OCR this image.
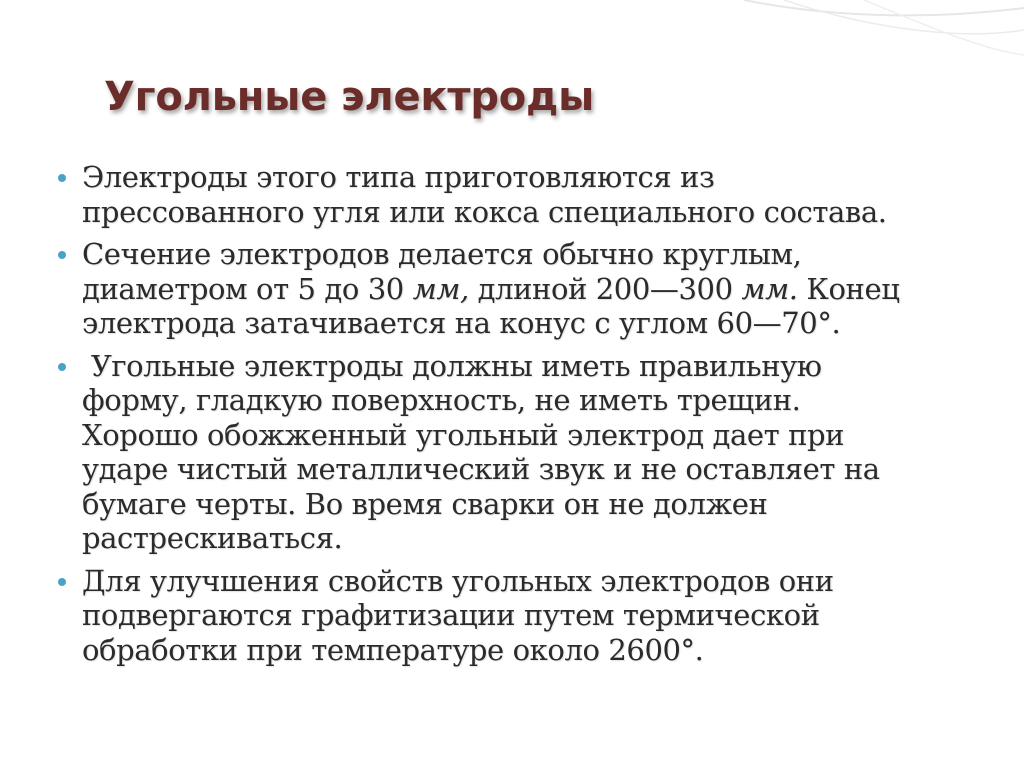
Угольные электроды
Электроды этого типа приготовляются из
прессованного угля или кокса специального состава.
Сечение электродов делается обычно круглым,
диаметром от 5 до 30 мм, длиной 200—300 мм. Конец
электрода затачивается на конус с углом 60—70°.
Угольные электроды должны иметь правильную
форму, гладкую поверхность, не иметь трещин.
Хорошо обожженный угольный электрод дает при
ударе чистый металлический звук и не оставляет на
бумаге черты. Во время сварки он не должен
растрескиваться.
Для улучшения свойств угольных электродов они
подвергаются графитизации путем термической
обработки при температуре около 2600°.
